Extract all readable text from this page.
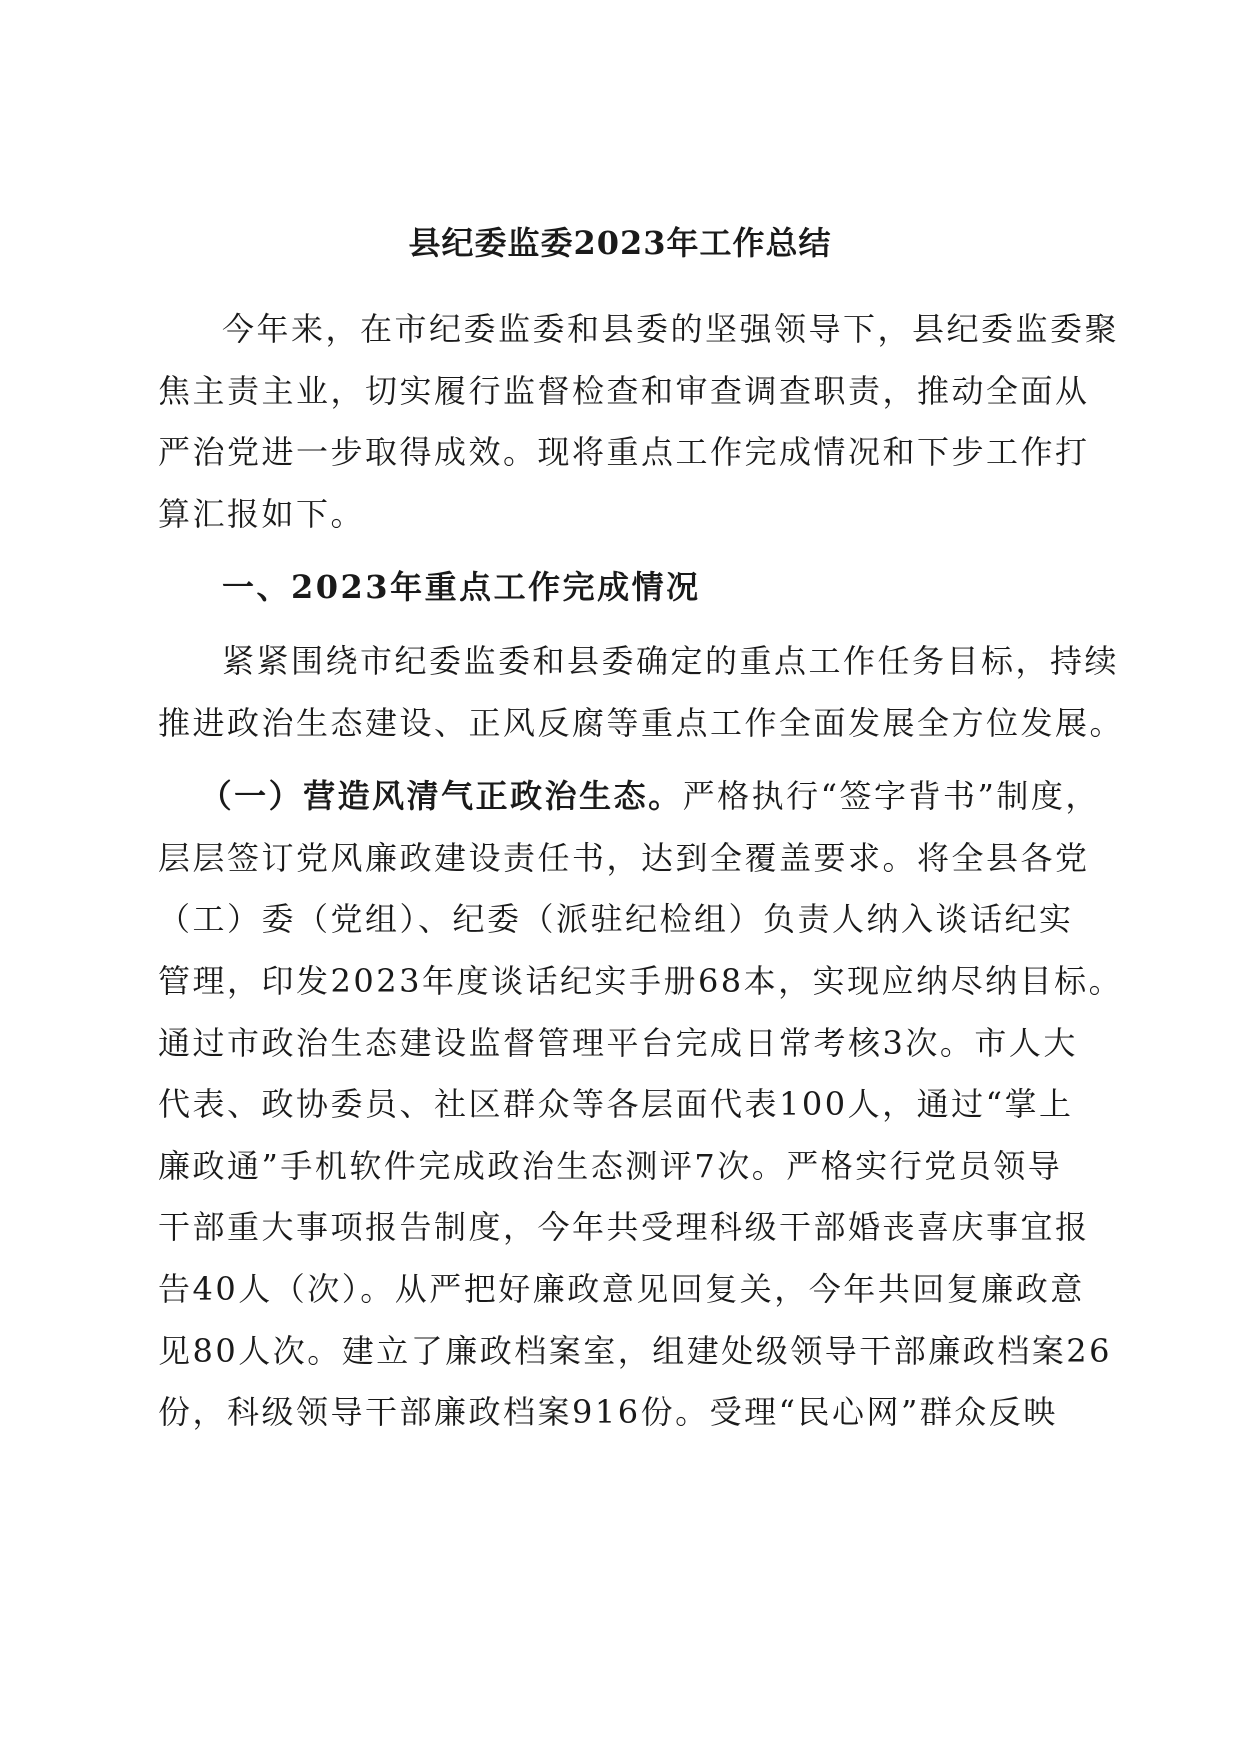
县纪委监委2023年工作总结

今年来，在市纪委监委和县委的坚强领导下，县纪委监委聚
焦主责主业，切实履行监督检查和审查调查职责，推动全面从
严治党进一步取得成效。现将重点工作完成情况和下步工作打
算汇报如下。

一、2023年重点工作完成情况

紧紧围绕市纪委监委和县委确定的重点工作任务目标，持续
推进政治生态建设、正风反腐等重点工作全面发展全方位发展。

（一）营造风清气正政治生态。严格执行“签字背书”制度，
层层签订党风廉政建设责任书，达到全覆盖要求。将全县各党
（工）委（党组）、纪委（派驻纪检组）负责人纳入谈话纪实
管理，印发2023年度谈话纪实手册68本，实现应纳尽纳目标。
通过市政治生态建设监督管理平台完成日常考核3次。市人大
代表、政协委员、社区群众等各层面代表100人，通过“掌上
廉政通”手机软件完成政治生态测评7次。严格实行党员领导
干部重大事项报告制度，今年共受理科级干部婚丧喜庆事宜报
告40人（次）。从严把好廉政意见回复关，今年共回复廉政意
见80人次。建立了廉政档案室，组建处级领导干部廉政档案26
份，科级领导干部廉政档案916份。受理“民心网”群众反映
